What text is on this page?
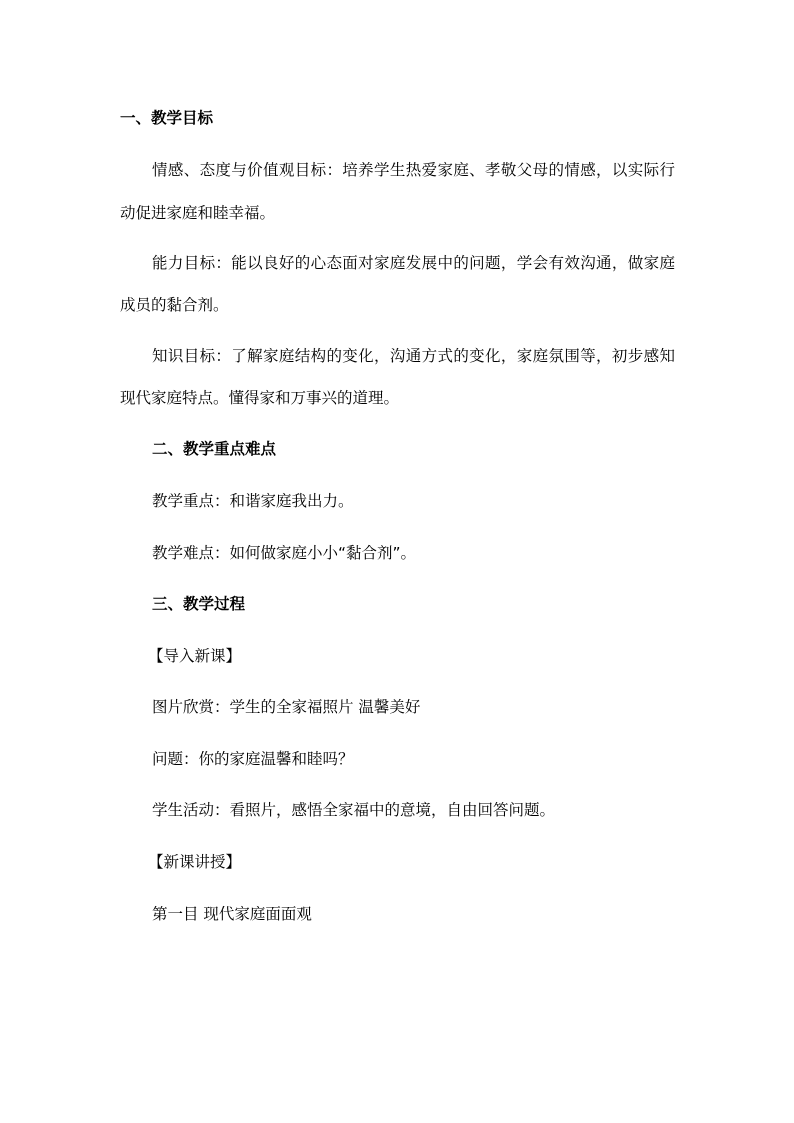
一、教学目标
情感、态度与价值观目标：培养学生热爱家庭、孝敬父母的情感，以实际行
动促进家庭和睦幸福。
能力目标：能以良好的心态面对家庭发展中的问题，学会有效沟通，做家庭
成员的黏合剂。
知识目标：了解家庭结构的变化，沟通方式的变化，家庭氛围等，初步感知
现代家庭特点。懂得家和万事兴的道理。
二、教学重点难点
教学重点：和谐家庭我出力。
教学难点：如何做家庭小小“黏合剂”。
三、教学过程
【导入新课】
图片欣赏：学生的全家福照片 温馨美好
问题：你的家庭温馨和睦吗？
学生活动：看照片，感悟全家福中的意境，自由回答问题。
【新课讲授】
第一目 现代家庭面面观
